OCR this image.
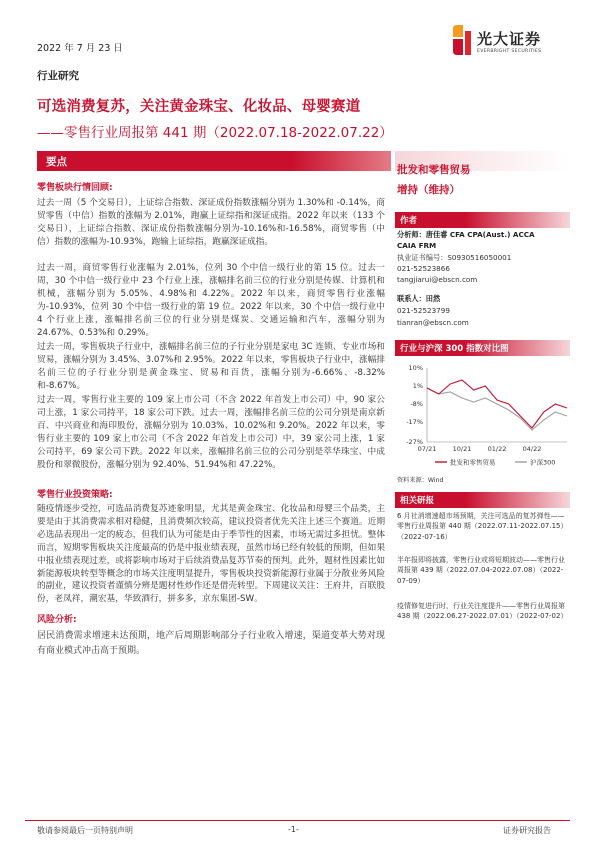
2022 年 7 月 23 日
光大证券
EVERBRIGHT SECURITIES
行业研究
可选消费复苏，关注黄金珠宝、化妆品、母婴赛道
——零售行业周报第 441 期（2022.07.18-2022.07.22）
要点
零售板块行情回顾:
过去一周（5 个交易日），上证综合指数、深证成份指数涨幅分别为 1.30%和 -0.14%，商贸零售（中信）指数的涨幅为 2.01%，跑赢上证综指和深证成指。2022 年以来（133 个交易日），上证综合指数、深证成份指数涨幅分别为-10.16%和-16.58%，商贸零售（中信）指数的涨幅为-10.93%，跑输上证综指，跑赢深证成指。
过去一周，商贸零售行业涨幅为 2.01%，位列 30 个中信一级行业的第 15 位。过去一周，30 个中信一级行业中 23 个行业上涨，涨幅排名前三位的行业分别是传媒、计算机和机械，涨幅分别为 5.05%、4.98%和 4.22%。2022 年以来，商贸零售行业涨幅为-10.93%，位列 30 个中信一级行业的第 19 位。2022 年以来，30 个中信一级行业中 4 个行业上涨，涨幅排名前三位的行业分别是煤炭、交通运输和汽车，涨幅分别为 24.67%、0.53%和 0.29%。
过去一周，零售板块子行业中，涨幅排名前三位的子行业分别是家电 3C 连锁、专业市场和贸易，涨幅分别为 3.45%、3.07%和 2.95%。2022 年以来，零售板块子行业中，涨幅排名前三位的子行业分别是黄金珠宝、贸易和百货，涨幅分别为-6.66%、-8.32%和-8.67%。
过去一周，零售行业主要的 109 家上市公司（不含 2022 年首发上市公司）中，90 家公司上涨，1 家公司持平，18 家公司下跌。过去一周，涨幅排名前三位的公司分别是南京新百、中兴商业和海印股份，涨幅分别为 10.03%、10.02%和 9.20%。2022 年以来，零售行业主要的 109 家上市公司（不含 2022 年首发上市公司）中，39 家公司上涨，1 家公司持平，69 家公司下跌。2022 年以来，涨幅排名前三位的公司分别是萃华珠宝、中成股份和翠微股份，涨幅分别为 92.40%、51.94%和 47.22%。
零售行业投资策略:
随疫情逐步受控，可选品消费复苏迹象明显，尤其是黄金珠宝、化妆品和母婴三个品类，主要是由于其消费需求相对稳健，且消费频次较高，建议投资者优先关注上述三个赛道。近期必选品表现出一定的疲态，但我们认为可能是由于季节性的因素，市场无需过多担忧。整体而言，短期零售板块关注度最高的仍是中报业绩表现，虽然市场已经有较低的预期，但如果中报业绩表现过差，或将影响市场对于后续消费品复苏节奏的预判。此外，题材性因素比如新能源板块转型等概念的市场关注度明显提升，零售板块投资新能源行业属于分散业务风险的副业，建议投资者谨慎分辨是题材性炒作还是借壳转型。下周建议关注：王府井，百联股份，老凤祥，潮宏基，华致酒行，拼多多，京东集团-SW。
风险分析:
居民消费需求增速未达预期，地产后周期影响部分子行业收入增速，渠道变革大势对现有商业模式冲击高于预期。
批发和零售贸易
增持（维持）
作者
分析师：唐佳睿 CFA CPA(Aust.) ACCA
CAIA FRM
执业证书编号：S0930516050001
021-52523866
tangjiarui@ebscn.com
联系人：田然
021-52523799
tianran@ebscn.com
行业与沪深 300 指数对比图
10%
1%
-8%
-17%
-27%
07/21	10/21	01/22	04/22
批发和零售贸易	沪深300
资料来源：Wind
相关研报
6 月社消增速超市场预期，关注可选品的复苏弹性——零售行业周报第 440 期（2022.07.11-2022.07.15）（2022-07-16）
半年报即将披露，零售行业或将短期波动——零售行业周报第 439 期（2022.07.04-2022.07.08）（2022-07-09）
疫情修复进行时，行业关注度提升——零售行业周报第 438 期（2022.06.27-2022.07.01）（2022-07-02）
敬请参阅最后一页特别声明	-1-	证券研究报告
